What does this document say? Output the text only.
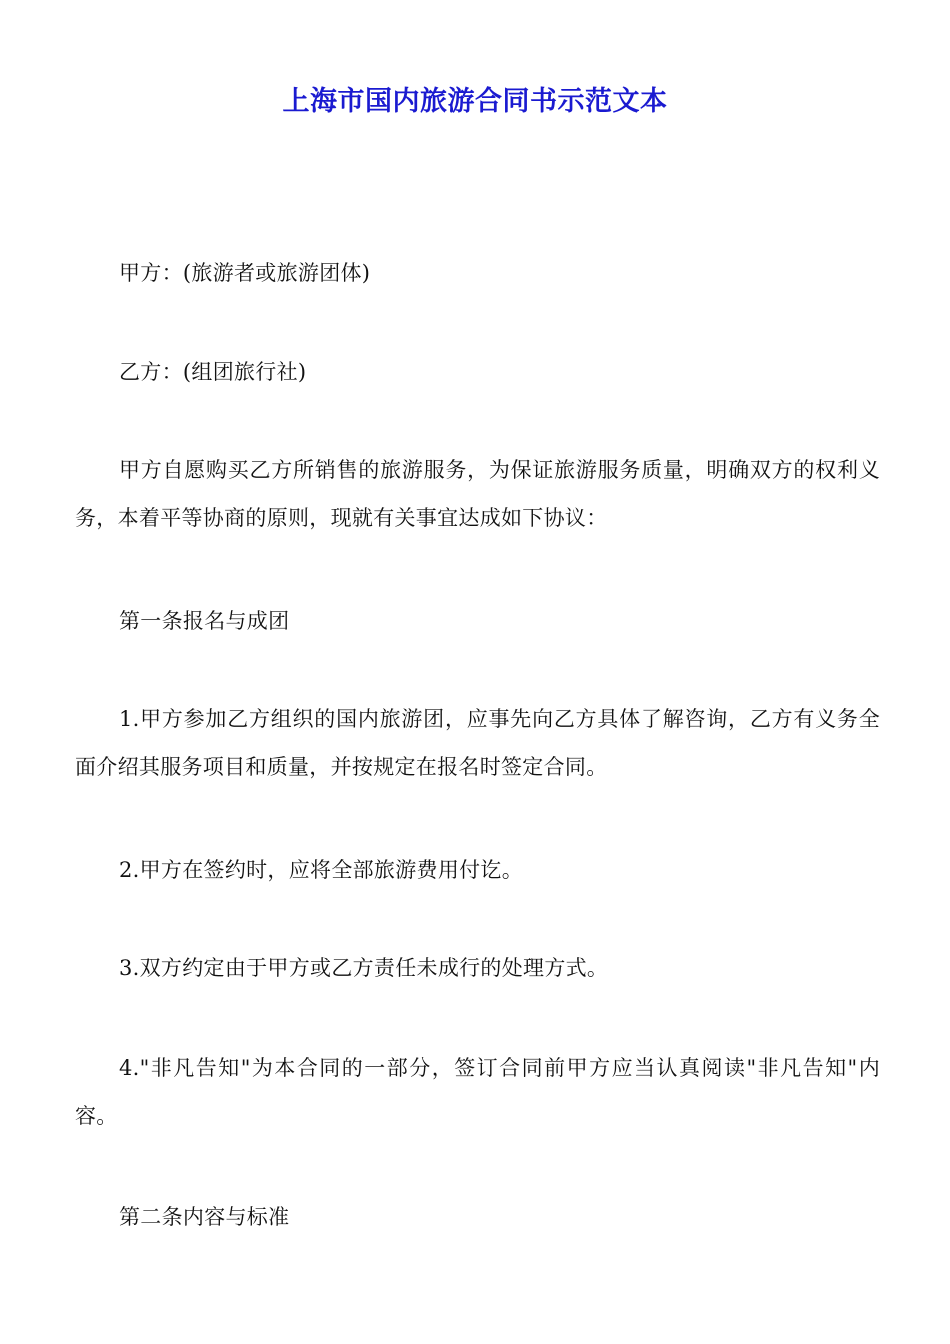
上海市国内旅游合同书示范文本

甲方：(旅游者或旅游团体)

乙方：(组团旅行社)

甲方自愿购买乙方所销售的旅游服务，为保证旅游服务质量，明确双方的权利义务，本着平等协商的原则，现就有关事宜达成如下协议：

第一条报名与成团

1.甲方参加乙方组织的国内旅游团，应事先向乙方具体了解咨询，乙方有义务全面介绍其服务项目和质量，并按规定在报名时签定合同。

2.甲方在签约时，应将全部旅游费用付讫。

3.双方约定由于甲方或乙方责任未成行的处理方式。

4."非凡告知"为本合同的一部分，签订合同前甲方应当认真阅读"非凡告知"内容。

第二条内容与标准
